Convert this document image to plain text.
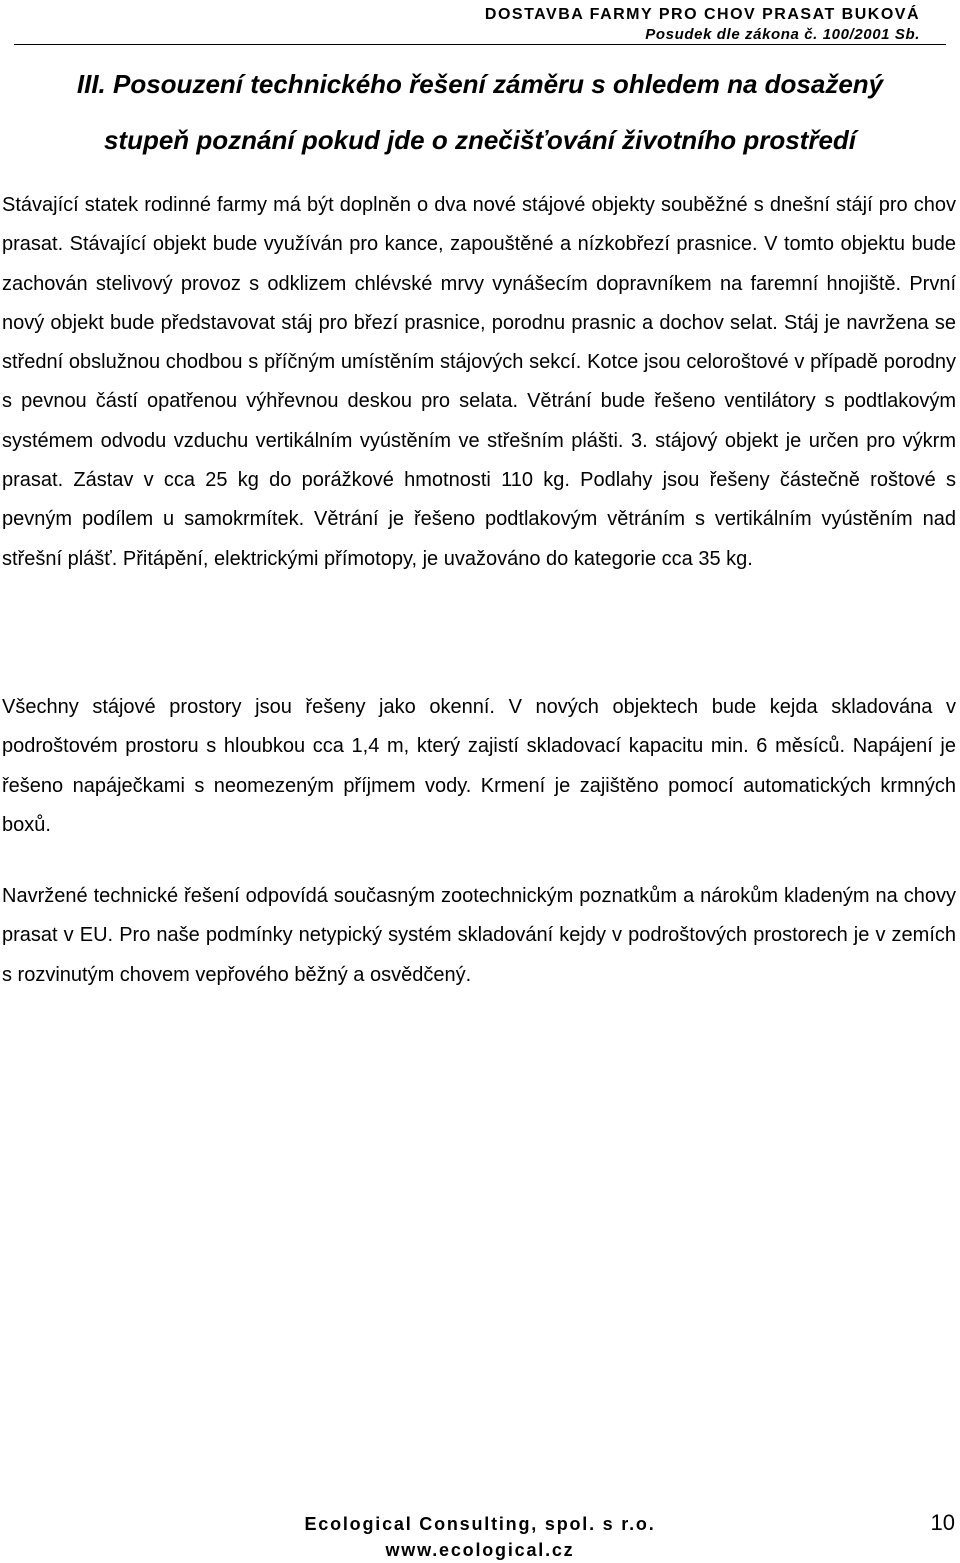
DOSTAVBA FARMY PRO CHOV PRASAT BUKOVÁ
Posudek dle zákona č. 100/2001 Sb.
III. Posouzení technického řešení záměru s ohledem na dosažený
stupeň poznání pokud jde o znečišťování životního prostředí

Stávající statek rodinné farmy má být doplněn o dva nové stájové objekty souběžné s dnešní stájí pro chov prasat. Stávající objekt bude využíván pro kance, zapouštěné a nízkobřezí prasnice. V tomto objektu bude zachován stelivový provoz s odklizem chlévské mrvy vynášecím dopravníkem na faremní hnojiště. První nový objekt bude představovat stáj pro březí prasnice, porodnu prasnic a dochov selat. Stáj je navržena se střední obslužnou chodbou s příčným umístěním stájových sekcí. Kotce jsou celoroštové v případě porodny s pevnou částí opatřenou výhřevnou deskou pro selata. Větrání bude řešeno ventilátory s podtlakovým systémem odvodu vzduchu vertikálním vyústěním ve střešním plášti. 3. stájový objekt je určen pro výkrm prasat. Zástav v cca 25 kg do porážkové hmotnosti 110 kg. Podlahy jsou řešeny částečně roštové s pevným podílem u samokrmítek. Větrání je řešeno podtlakovým větráním s vertikálním vyústěním nad střešní plášť. Přitápění, elektrickými přímotopy, je uvažováno do kategorie cca 35 kg.

Všechny stájové prostory jsou řešeny jako okenní. V nových objektech bude kejda skladována v podroštovém prostoru s hloubkou cca 1,4 m, který zajistí skladovací kapacitu min. 6 měsíců. Napájení je řešeno napáječkami s neomezeným příjmem vody. Krmení je zajištěno pomocí automatických krmných boxů.

Navržené technické řešení odpovídá současným zootechnickým poznatkům a nárokům kladeným na chovy prasat v EU. Pro naše podmínky netypický systém skladování kejdy v podroštových prostorech je v zemích s rozvinutým chovem vepřového běžný a osvědčený.

Ecological Consulting, spol. s r.o.
www.ecological.cz
10
